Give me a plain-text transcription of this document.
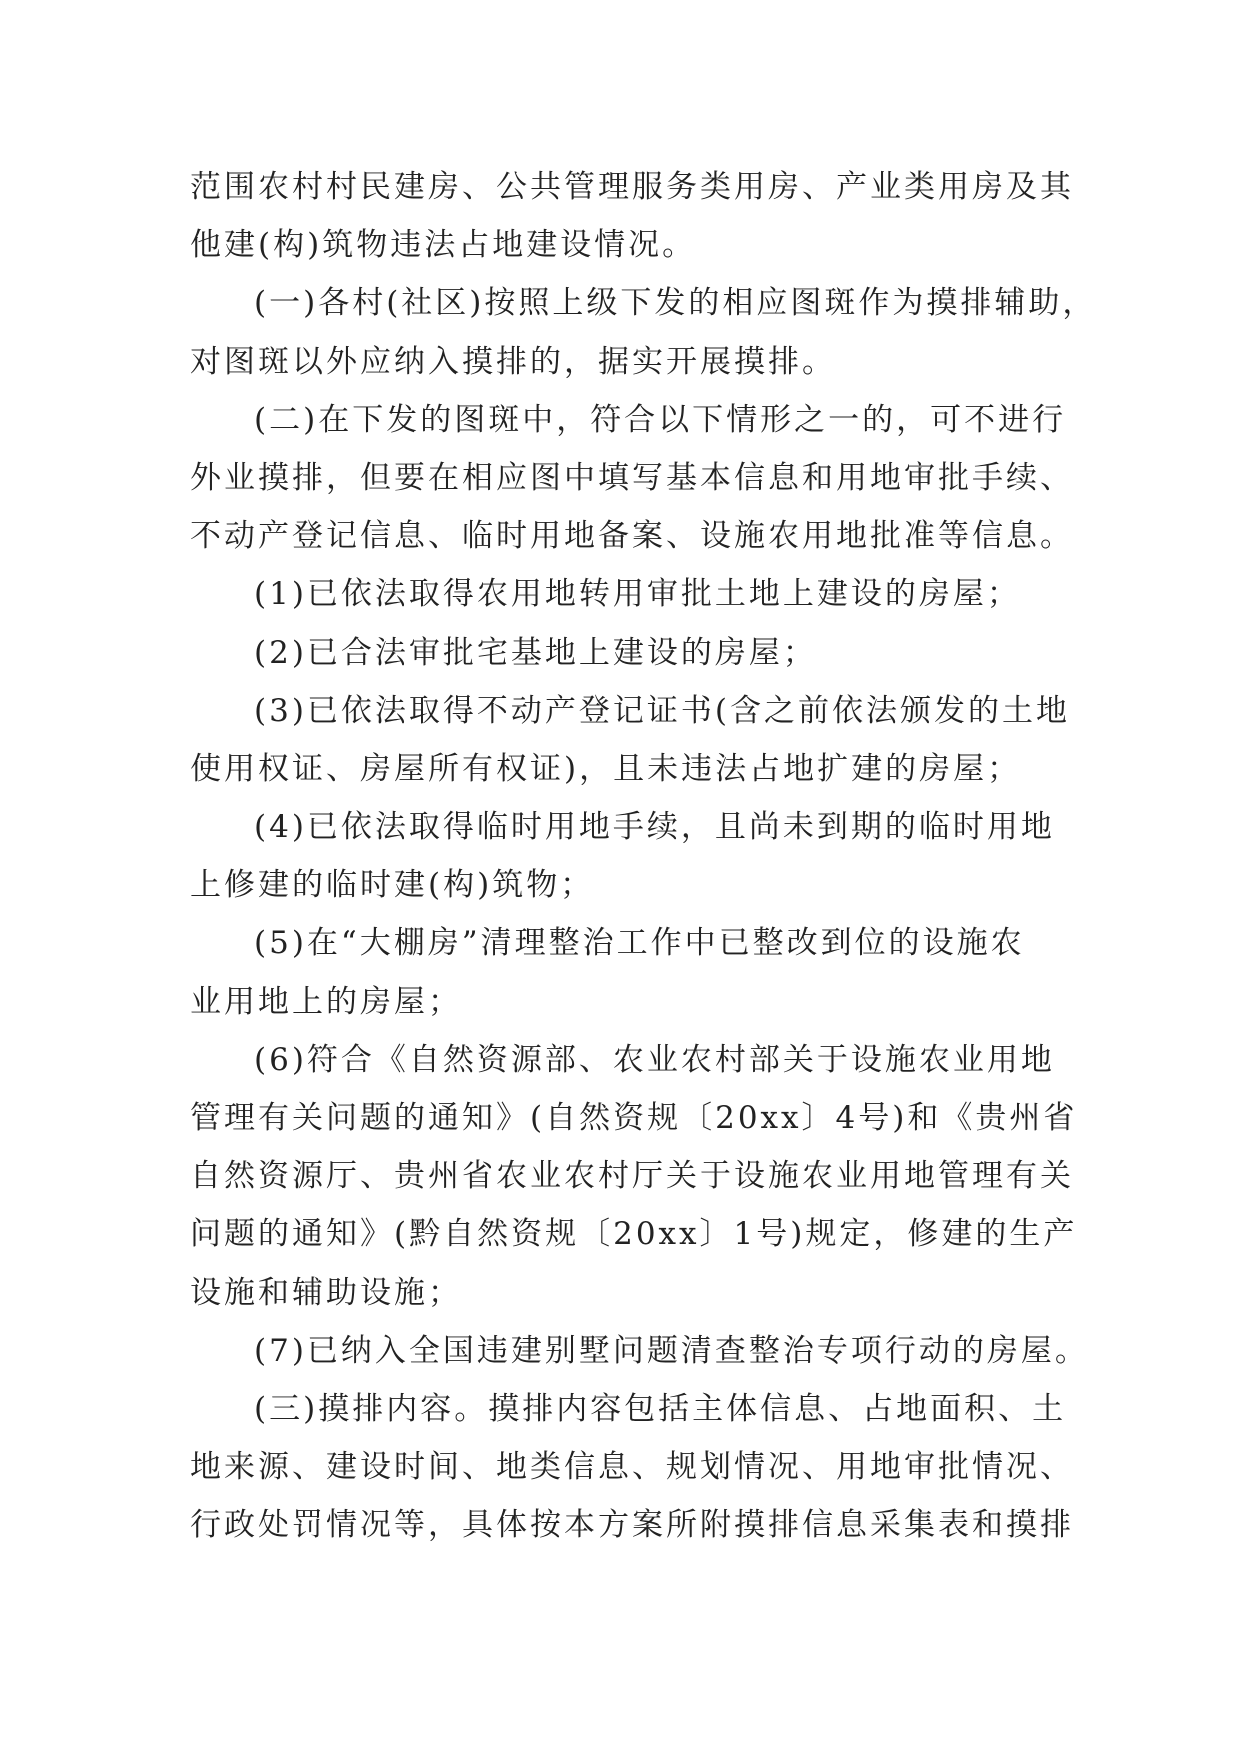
范围农村村民建房、公共管理服务类用房、产业类用房及其
他建(构)筑物违法占地建设情况。
(一)各村(社区)按照上级下发的相应图斑作为摸排辅助，
对图斑以外应纳入摸排的，据实开展摸排。
(二)在下发的图斑中，符合以下情形之一的，可不进行
外业摸排，但要在相应图中填写基本信息和用地审批手续、
不动产登记信息、临时用地备案、设施农用地批准等信息。
(1)已依法取得农用地转用审批土地上建设的房屋；
(2)已合法审批宅基地上建设的房屋；
(3)已依法取得不动产登记证书(含之前依法颁发的土地
使用权证、房屋所有权证)，且未违法占地扩建的房屋；
(4)已依法取得临时用地手续，且尚未到期的临时用地
上修建的临时建(构)筑物；
(5)在“大棚房”清理整治工作中已整改到位的设施农
业用地上的房屋；
(6)符合《自然资源部、农业农村部关于设施农业用地
管理有关问题的通知》(自然资规〔20xx〕4号)和《贵州省
自然资源厅、贵州省农业农村厅关于设施农业用地管理有关
问题的通知》(黔自然资规〔20xx〕1号)规定，修建的生产
设施和辅助设施；
(7)已纳入全国违建别墅问题清查整治专项行动的房屋。
(三)摸排内容。摸排内容包括主体信息、占地面积、土
地来源、建设时间、地类信息、规划情况、用地审批情况、
行政处罚情况等，具体按本方案所附摸排信息采集表和摸排
